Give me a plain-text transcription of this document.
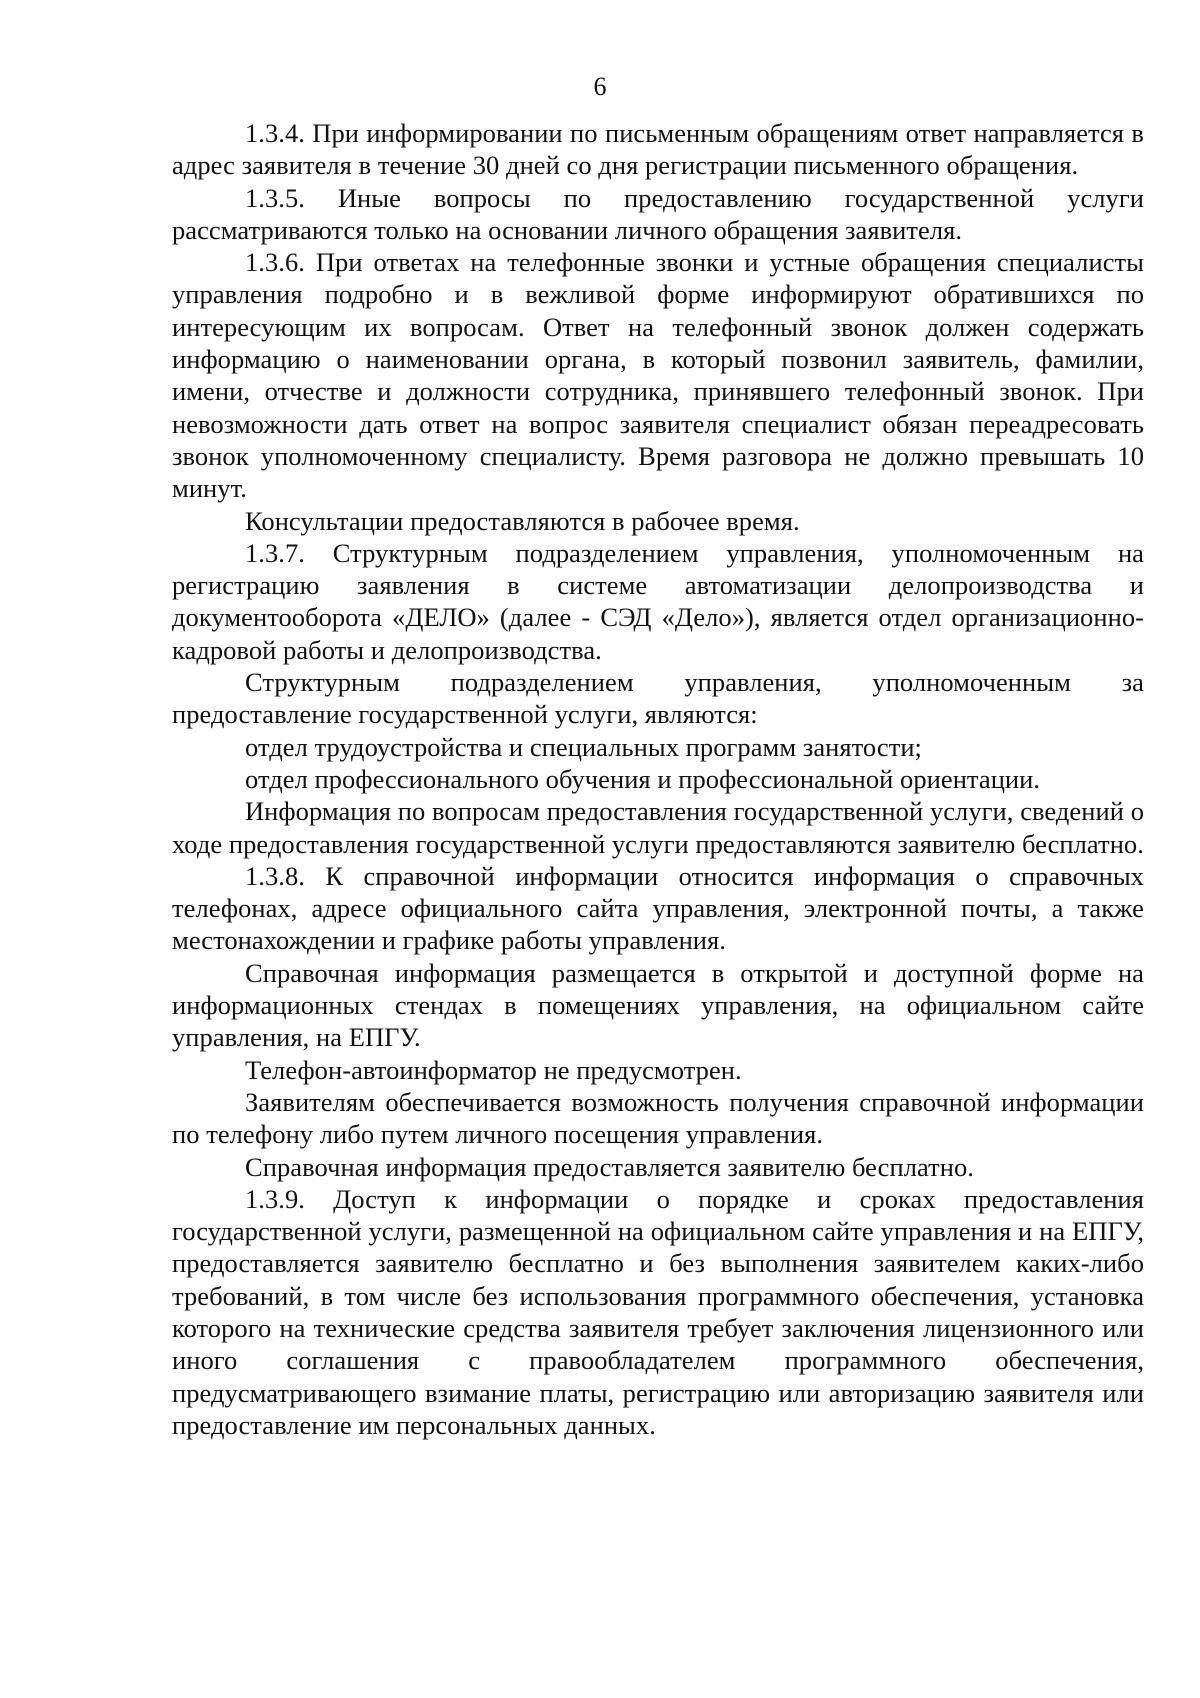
6

1.3.4. При информировании по письменным обращениям ответ направляется в адрес заявителя в течение 30 дней со дня регистрации письменного обращения.

1.3.5. Иные вопросы по предоставлению государственной услуги рассматриваются только на основании личного обращения заявителя.

1.3.6. При ответах на телефонные звонки и устные обращения специалисты управления подробно и в вежливой форме информируют обратившихся по интересующим их вопросам. Ответ на телефонный звонок должен содержать информацию о наименовании органа, в который позвонил заявитель, фамилии, имени, отчестве и должности сотрудника, принявшего телефонный звонок. При невозможности дать ответ на вопрос заявителя специалист обязан переадресовать звонок уполномоченному специалисту. Время разговора не должно превышать 10 минут.

Консультации предоставляются в рабочее время.

1.3.7. Структурным подразделением управления, уполномоченным на регистрацию заявления в системе автоматизации делопроизводства и документооборота «ДЕЛО» (далее - СЭД «Дело»), является отдел организационно-кадровой работы и делопроизводства.

Структурным подразделением управления, уполномоченным за предоставление государственной услуги, являются:

отдел трудоустройства и специальных программ занятости;

отдел профессионального обучения и профессиональной ориентации.

Информация по вопросам предоставления государственной услуги, сведений о ходе предоставления государственной услуги предоставляются заявителю бесплатно.

1.3.8. К справочной информации относится информация о справочных телефонах, адресе официального сайта управления, электронной почты, а также местонахождении и графике работы управления.

Справочная информация размещается в открытой и доступной форме на информационных стендах в помещениях управления, на официальном сайте управления, на ЕПГУ.

Телефон-автоинформатор не предусмотрен.

Заявителям обеспечивается возможность получения справочной информации по телефону либо путем личного посещения управления.

Справочная информация предоставляется заявителю бесплатно.

1.3.9. Доступ к информации о порядке и сроках предоставления государственной услуги, размещенной на официальном сайте управления и на ЕПГУ, предоставляется заявителю бесплатно и без выполнения заявителем каких-либо требований, в том числе без использования программного обеспечения, установка которого на технические средства заявителя требует заключения лицензионного или иного соглашения с правообладателем программного обеспечения, предусматривающего взимание платы, регистрацию или авторизацию заявителя или предоставление им персональных данных.
